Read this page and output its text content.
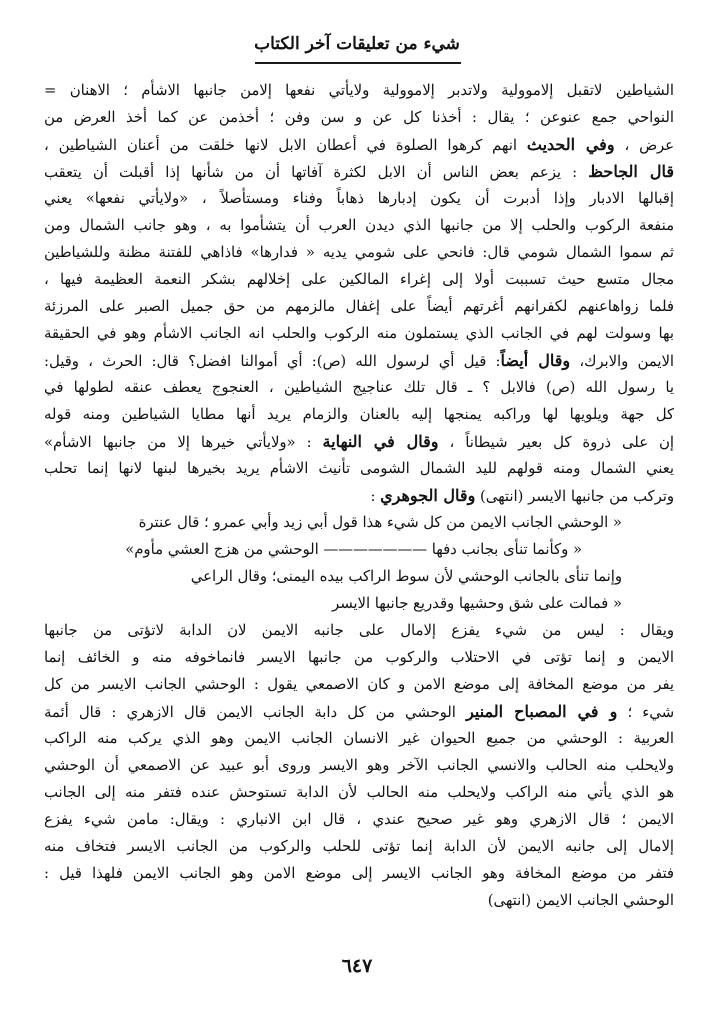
شيء من تعليقات آخر الكتاب
الشياطين لاتقبل إلاموولية ولاتدبر إلاموولية ولايأتي نفعها إلامن جانبها الاشأم ؛ الاهنان =
النواحي جمع عنوعن ؛ يقال : أخذنا كل عن و سن وفن ؛ أخذمن عن كما أخذ العرض من
عرض ، وفي الحديث انهم كرهوا الصلوة في أعطان الابل لانها خلقت من أعنان الشياطين ،
قال الجاحظ : يزعم بعض الناس أن الابل لكثرة آفاتها أن من شأنها إذا أقبلت أن يتعقب
إقبالها الادبار وإذا أدبرت أن يكون إدبارها ذهاباً وفناء ومستأصلاً ، «ولايأتي نفعها» يعني
منفعة الركوب والحلب إلا من جانبها الذي ديدن العرب أن يتشأموا به ، وهو جانب الشمال ومن
ثم سموا الشمال شومي قال: فانحي على شومي يديه « فدارها» فاذاهي للفتنة مظنة وللشياطين
مجال متسع حيث تسببت أولا إلى إغراء المالكين على إخلالهم بشكر النعمة العظيمة فيها ،
فلما زواهاعنهم لكفرانهم أغرتهم أيضاً على إغفال مالزمهم من حق جميل الصبر على المرزئة
بها وسولت لهم في الجانب الذي يستملون منه الركوب والحلب انه الجانب الاشأم وهو في الحقيقة
الايمن والابرك، وقال أيضاً: قيل أي لرسول الله (ص): أي أموالنا افضل؟ قال: الحرث ، وقيل:
يا رسول الله (ص) فالابل ؟ ـ قال تلك عناجيج الشياطين ، العنجوج يعطف عنقه لطولها في
كل جهة ويلويها لها وراكبه يمنجها إليه بالعنان والزمام يريد أنها مطايا الشياطين ومنه قوله
إن على ذروة كل بعير شيطاناً ، وقال في النهاية : «ولايأتي خيرها إلا من جانبها الاشأم»
يعني الشمال ومنه قولهم لليد الشمال الشومى تأنيث الاشأم يريد بخيرها لبنها لانها إنما تحلب
وتركب من جانبها الايسر (انتهى) وقال الجوهري :
« الوحشي الجانب الايمن من كل شيء هذا قول أبي زيد وأبي عمرو ؛ قال عنترة
« وكأنما تنأى بجانب دفها ——————— الوحشي من هزج العشي مأوم»
وإنما تنأى بالجانب الوحشي لأن سوط الراكب بيده اليمنى؛ وقال الراعي
« فمالت على شق وحشيها وقدريع جانبها الايسر
ويقال : ليس من شيء يفزع إلامال على جانبه الايمن لان الدابة لاتؤتى من جانبها
الايمن و إنما تؤتى في الاحتلاب والركوب من جانبها الايسر فانماخوفه منه و الخائف إنما
يفر من موضع المخافة إلى موضع الامن و كان الاصمعي يقول : الوحشي الجانب الايسر من كل
شيء ؛ و في المصباح المنير الوحشي من كل دابة الجانب الايمن قال الازهري : قال أئمة
العربية : الوحشي من جميع الحيوان غير الانسان الجانب الايمن وهو الذي يركب منه الراكب
ولايحلب منه الحالب والانسي الجانب الآخر وهو الايسر وروى أبو عبيد عن الاصمعي أن الوحشي
هو الذي يأتي منه الراكب ولايحلب منه الحالب لأن الدابة تستوحش عنده فتفر منه إلى الجانب
الايمن ؛ قال الازهري وهو غير صحيح عندي ، قال ابن الانباري : ويقال: مامن شيء يفزع
إلامال إلى جانبه الايمن لأن الدابة إنما تؤتى للحلب والركوب من الجانب الايسر فتخاف منه
فتفر من موضع المخافة وهو الجانب الايسر إلى موضع الامن وهو الجانب الايمن فلهذا قيل :
الوحشي الجانب الايمن (انتهى)
٦٤٧
